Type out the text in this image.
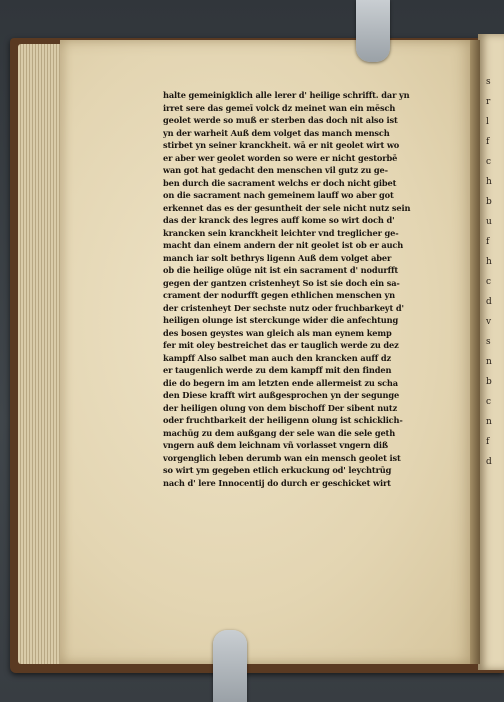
s
r
l
f
c
h
b
u
f
h
c
d
v
s
n
b
c
n
f
d
halte gemeinigklich alle lerer d' heilige schrifft. dar yn
irret sere das gemeī volck dz meinet wan ein mēsch
geolet werde so muß er sterben das doch nit also ist
yn der warheit Auß dem volget das manch mensch
stirbet yn seiner kranckheit. wā er nit geolet wirt wo
er aber wer geolet worden so were er nicht gestorbē
wan got hat gedacht den menschen vil gutz zu ge-
ben durch die sacrament welchs er doch nicht gibet
on die sacrament nach gemeinem lauff wo aber got
erkennet das es der gesuntheit der sele nicht nutz sein
das der kranck des legres auff kome so wirt doch d'
krancken sein kranckheit leichter vnd treglicher ge-
macht dan einem andern der nit geolet ist ob er auch
manch iar solt bethrys ligenn Auß dem volget aber
ob die heilige olūge nit ist ein sacrament d' nodurfft
gegen der gantzen cristenheyt So ist sie doch ein sa-
crament der nodurfft gegen ethlichen menschen yn
der cristenheyt Der sechste nutz oder fruchbarkeyt d'
heiligen olunge ist sterckunge wider die anfechtung
des bosen geystes wan gleich als man eynem kemp
fer mit oley bestreichet das er tauglich werde zu dez
kampff Also salbet man auch den krancken auff dz
er taugenlich werde zu dem kampff mit den finden
die do begern im am letzten ende allermeist zu scha
den Diese krafft wirt außgesprochen yn der segunge
der heiligen olung von dem bischoff Der sibent nutz
oder fruchtbarkeit der heiligenn olung ist schicklich-
machūg zu dem außgang der sele wan die sele geth
vngern auß dem leichnam vñ vorlasset vngern diß
vorgenglich leben derumb wan ein mensch geolet ist
so wirt ym gegeben etlich erkuckung od' leychtrūg
nach d' lere Innocentij do durch er geschicket wirt
